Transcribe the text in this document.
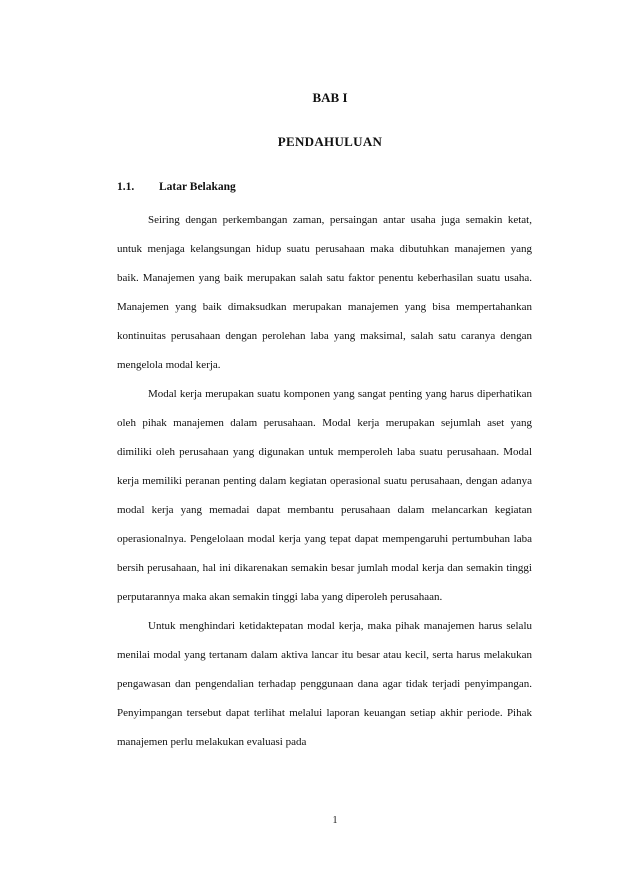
BAB I
PENDAHULUAN
1.1. Latar Belakang

Seiring dengan perkembangan zaman, persaingan antar usaha juga semakin ketat, untuk menjaga kelangsungan hidup suatu perusahaan maka dibutuhkan manajemen yang baik. Manajemen yang baik merupakan salah satu faktor penentu keberhasilan suatu usaha. Manajemen yang baik dimaksudkan merupakan manajemen yang bisa mempertahankan kontinuitas perusahaan dengan perolehan laba yang maksimal, salah satu caranya dengan mengelola modal kerja.

Modal kerja merupakan suatu komponen yang sangat penting yang harus diperhatikan oleh pihak manajemen dalam perusahaan. Modal kerja merupakan sejumlah aset yang dimiliki oleh perusahaan yang digunakan untuk memperoleh laba suatu perusahaan. Modal kerja memiliki peranan penting dalam kegiatan operasional suatu perusahaan, dengan adanya modal kerja yang memadai dapat membantu perusahaan dalam melancarkan kegiatan operasionalnya. Pengelolaan modal kerja yang tepat dapat mempengaruhi pertumbuhan laba bersih perusahaan, hal ini dikarenakan semakin besar jumlah modal kerja dan semakin tinggi perputarannya maka akan semakin tinggi laba yang diperoleh perusahaan.

Untuk menghindari ketidaktepatan modal kerja, maka pihak manajemen harus selalu menilai modal yang tertanam dalam aktiva lancar itu besar atau kecil, serta harus melakukan pengawasan dan pengendalian terhadap penggunaan dana agar tidak terjadi penyimpangan. Penyimpangan tersebut dapat terlihat melalui laporan keuangan setiap akhir periode. Pihak manajemen perlu melakukan evaluasi pada

1
